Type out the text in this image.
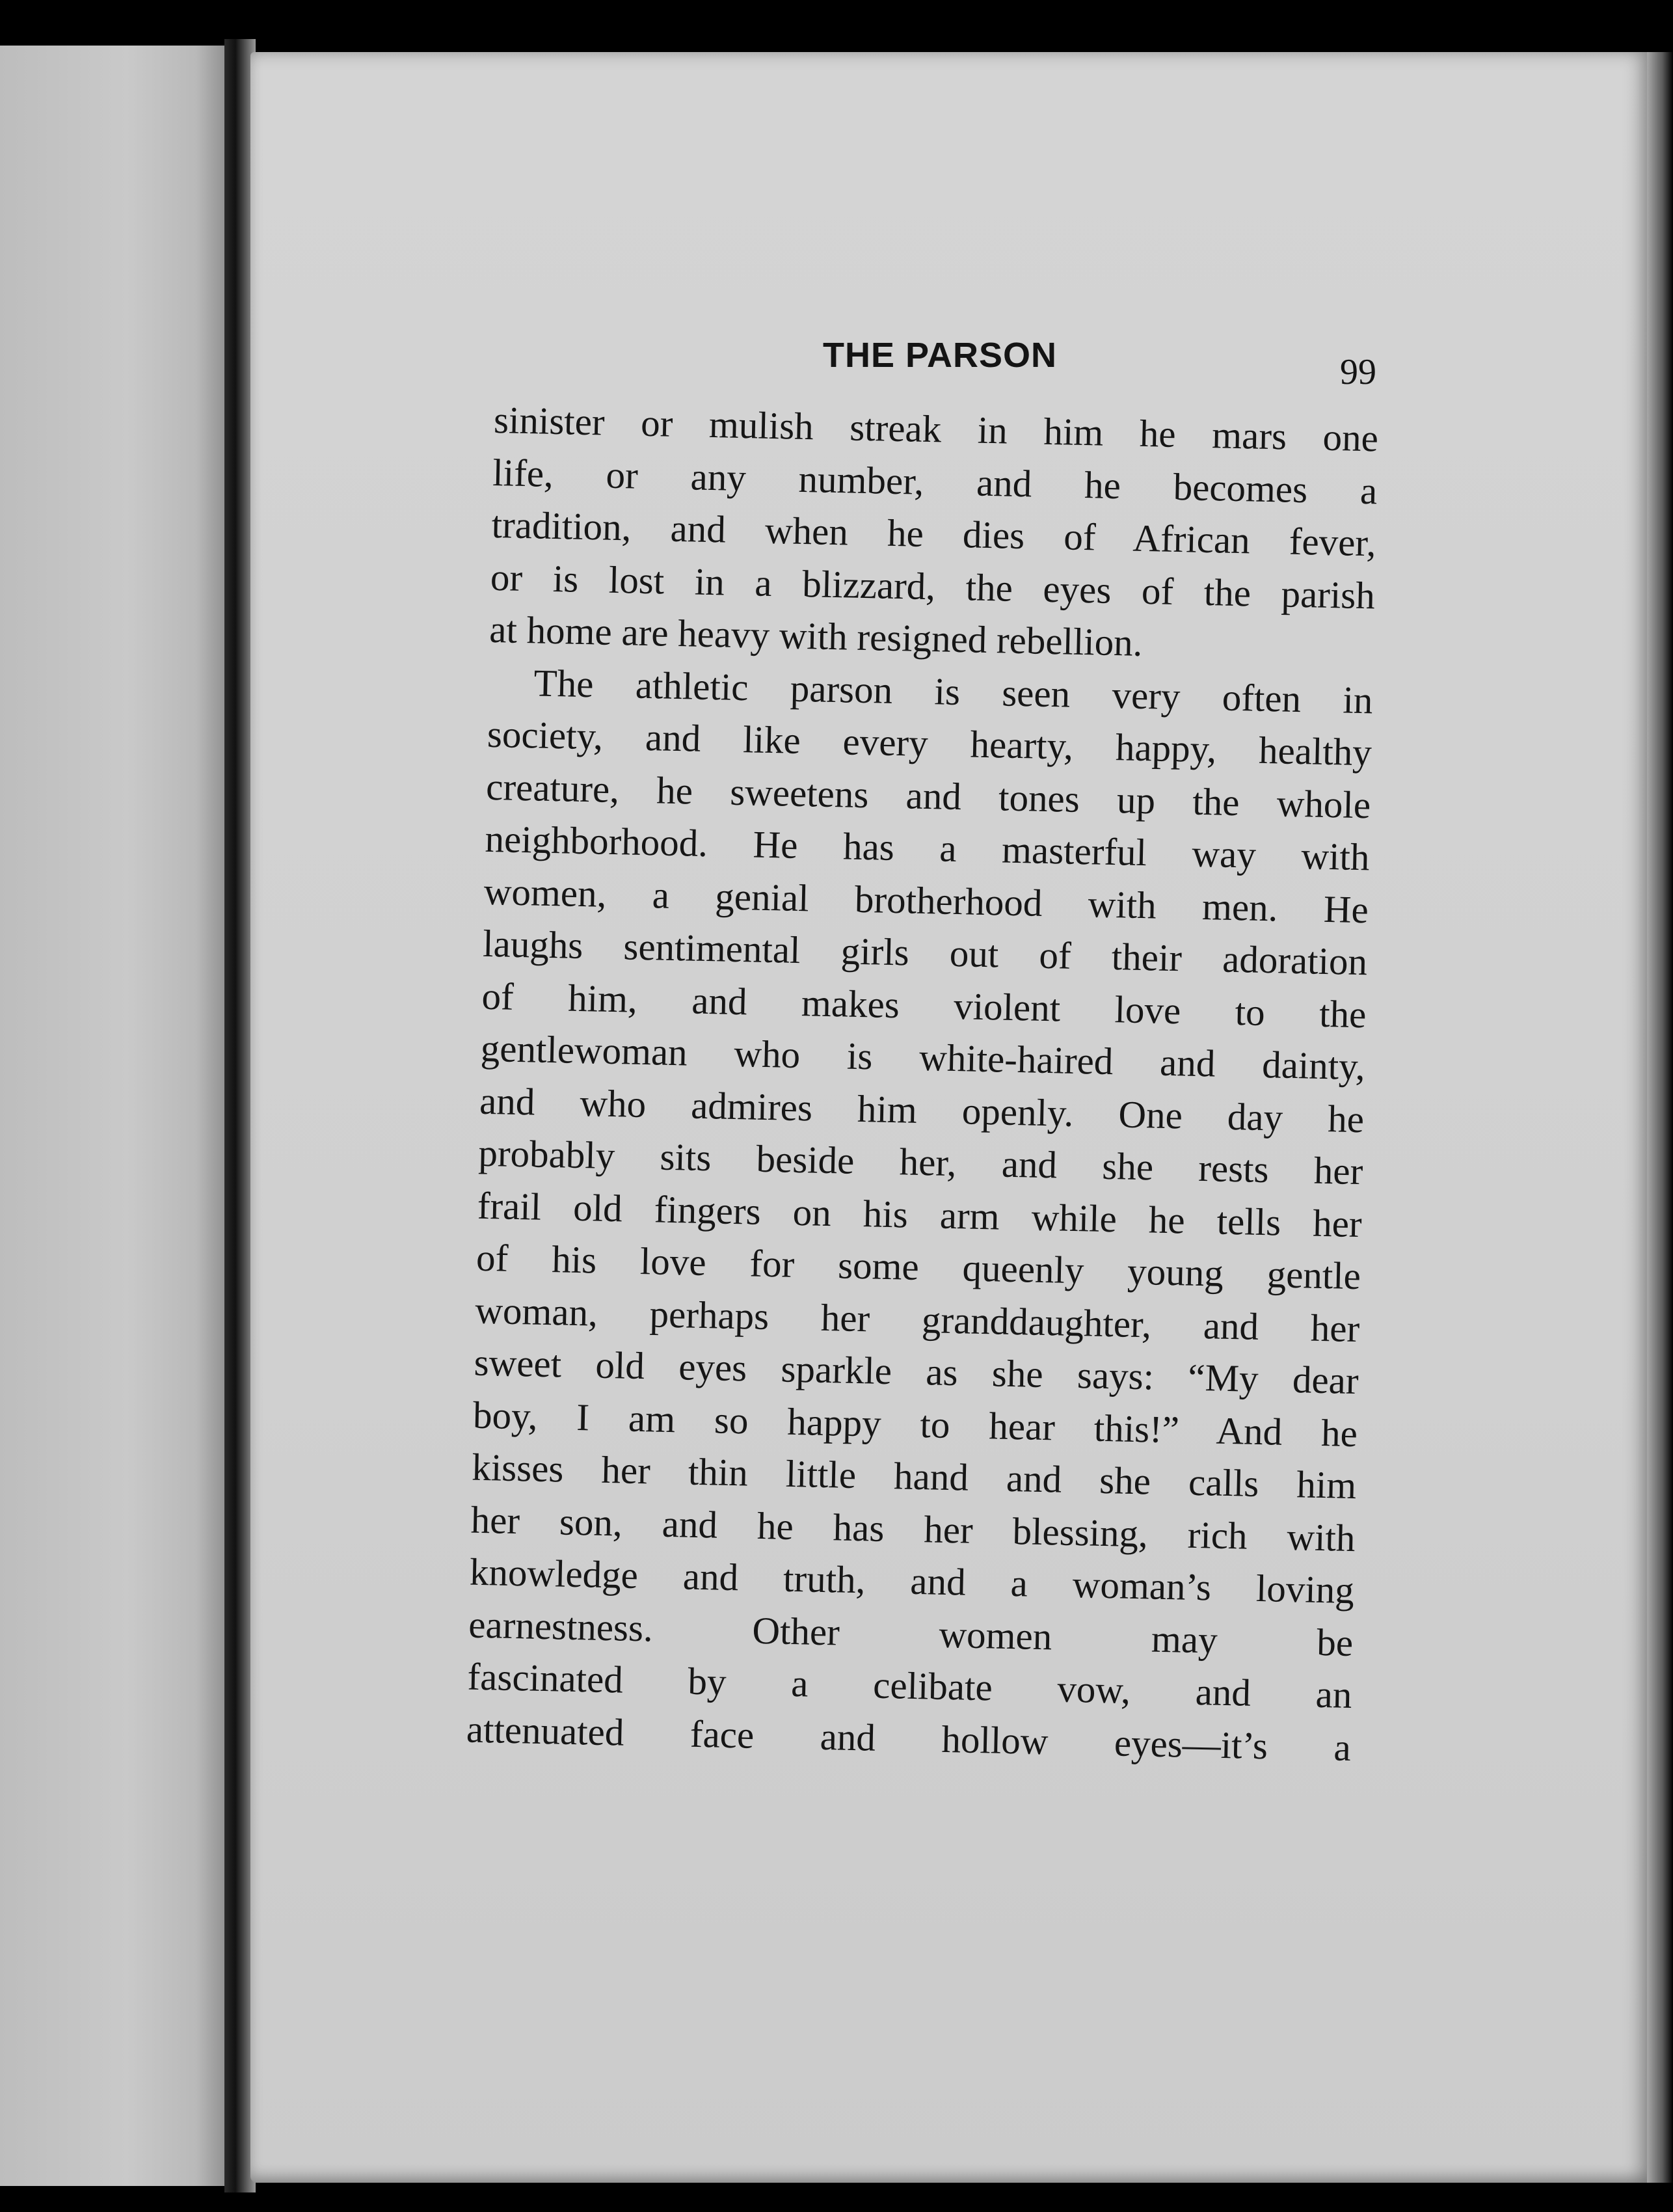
THE PARSON	99
sinister or mulish streak in him he mars one
life, or any number, and he becomes a
tradition, and when he dies of African fever,
or is lost in a blizzard, the eyes of the parish
at home are heavy with resigned rebellion.
The athletic parson is seen very often in
society, and like every hearty, happy, healthy
creature, he sweetens and tones up the whole
neighborhood. He has a masterful way with
women, a genial brotherhood with men. He
laughs sentimental girls out of their adoration
of him, and makes violent love to the
gentlewoman who is white-haired and dainty,
and who admires him openly. One day he
probably sits beside her, and she rests her
frail old fingers on his arm while he tells her
of his love for some queenly young gentle
woman, perhaps her granddaughter, and her
sweet old eyes sparkle as she says: “My dear
boy, I am so happy to hear this!” And he
kisses her thin little hand and she calls him
her son, and he has her blessing, rich with
knowledge and truth, and a woman’s loving
earnestness. Other women may be
fascinated by a celibate vow, and an
attenuated face and hollow eyes—it’s a
